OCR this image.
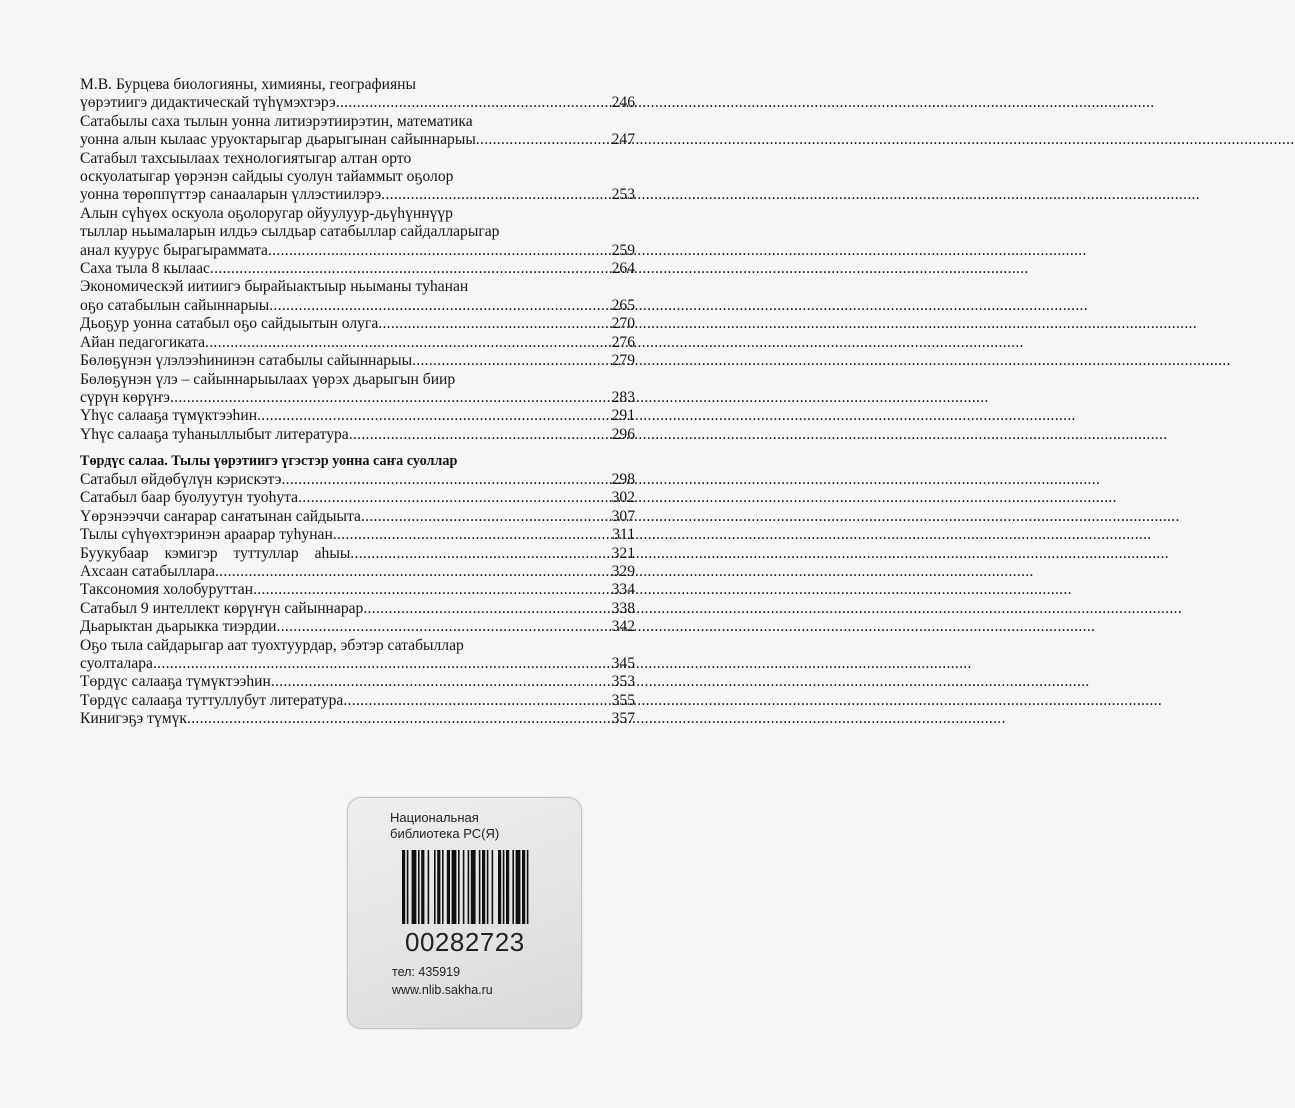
М.В. Бурцева биологияны, химияны, географияны
үөрэтиигэ дидактическай түһүмэхтэрэ .....	246
Сатабылы саха тылын уонна литиэрэтиирэтин, математика
уонна алын кылаас уруоктарыгар дьарыгынан сайыннарыы .....	247
Сатабыл тахсыылаах технологиятыгар алтан орто
оскуолатыгар үөрэнэн сайдыы суолун тайаммыт оҕолор
уонна төрөппүттэр санааларын үллэстиилэрэ .....	253
Алын сүһүөх оскуола оҕолоругар ойуулуур-дьүһүннүүр
тыллар ньымаларын илдьэ сылдьар сатабыллар сайдалларыгар
анал куурус бырагыраммата .....	259
Саха тыла 8 кылаас .....	264
Экономическэй иитиигэ бырайыактыыр ньыманы туһанан
оҕо сатабылын сайыннарыы .....	265
Дьоҕур уонна сатабыл оҕо сайдыытын олугa .....	270
Айан педагогиката .....	276
Бөлөҕүнэн үлэлээһининэн сатабылы сайыннарыы .....	279
Бөлөҕүнэн үлэ – сайыннарыылаах үөрэх дьарыгын биир
сүрүн көрүҥэ .....	283
Үһүс салааҕа түмүктээһин .....	291
Үһүс салааҕа туһаныллыбыт литература .....	296
Төрдүс салаа. Тылы үөрэтиигэ үгэстэр уонна саҥа суоллар
Сатабыл өйдөбүлүн кэрискэтэ .....	298
Сатабыл баар буолуутун туоһута .....	302
Үөрэнээччи саҥарар саҥатынан сайдыыта .....	307
Тылы сүһүөхтэринэн араарар туһунан .....	311
Буукубаар кэмигэр туттуллар аһыы .....	321
Ахсаан сатабыллара .....	329
Таксономия холобуруттан .....	334
Сатабыл 9 интеллект көрүҥүн сайыннарар .....	338
Дьарыктан дьарыкка тиэрдии .....	342
Оҕо тыла сайдарыгар аат туохтуурдар, эбэтэр сатабыллар
суолталара .....	345
Төрдүс салааҕа түмүктээһин .....	353
Төрдүс салааҕа туттуллубут литература .....	355
Кинигэҕэ түмүк .....	357
Национальная
библиотека РС(Я)
00282723
тел: 435919
www.nlib.sakha.ru
